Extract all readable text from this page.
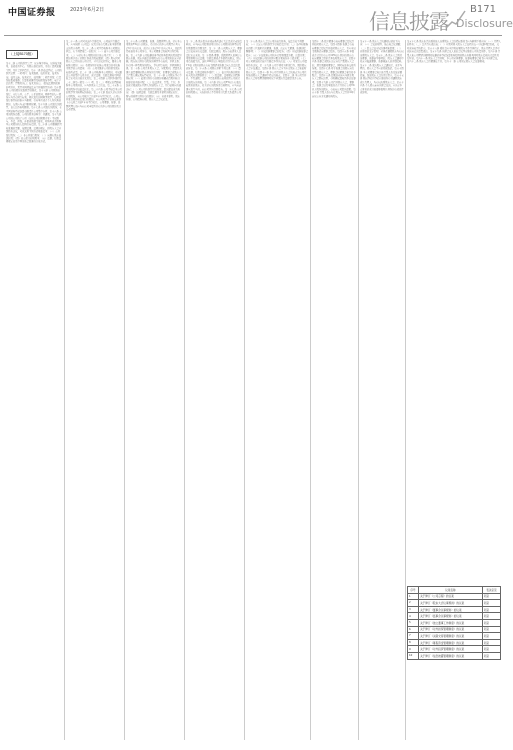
中国证券报	2023年6月2日	信息披露
B171
Disclosure
（上接B170版）
第十二条 公司的经营宗旨：以市场为导向，以科技为先导，以效益为中心，为股东创造价值，为员工提供发展空间，为社会承担责任。第十三条 经依法登记，公司的经营范围：一般项目：技术服务、技术开发、技术咨询、技术交流、技术转让、技术推广；软件开发；信息系统集成服务；计算机软硬件及辅助设备零售；电子产品销售；货物进出口；技术进出口。（除依法须经批准的项目外，凭营业执照依法自主开展经营活动）第十四条 公司的股份采取股票的形式。第十五条 公司股份的发行，实行公开、公平、公正的原则，同种类的每一股份应当具有同等权利。同次发行的同种类股票，每股的发行条件和价格应当相同；任何单位或者个人所认购的股份，每股应当支付相同价额。第十六条 公司发行的股票，以人民币标明面值。第十七条 公司发行的股份，在中国证券登记结算有限责任公司集中存管。第十八条 公司的股份总数，公司的股本结构为：普通股。第十九条 公司或公司的子公司（包括公司的附属企业）不以赠与、垫资、担保、补偿或贷款等形式，对购买或者拟购买公司股份的人提供任何资助。第二十条 公司根据经营和发展的需要，依照法律、法规的规定，经股东大会分别作出决议，可以采用下列方式增加资本：（一）公开发行股份；（二）非公开发行股份；（三）向现有股东派送红股；（四）以公积金转增股本；（五）法律、行政法规规定以及中国证监会批准的其他方式。
第二十一条 公司可以减少注册资本。公司减少注册资本，应当按照《公司法》以及其他有关规定和本章程规定的程序办理。第二十二条 公司不得收购本公司股份。但是，有下列情形之一的除外：（一）减少公司注册资本；（二）与持有本公司股份的其他公司合并；（三）将股份用于员工持股计划或者股权激励；（四）股东因对股东大会作出的公司合并、分立决议持异议，要求公司收购其股份；（五）将股份用于转换公司发行的可转换为股票的公司债券；（六）公司为维护公司价值及股东权益所必需。第二十三条 公司收购本公司股份，可以通过公开的集中交易方式，或者法律、行政法规和中国证监会认可的其他方式进行。第二十四条 公司因本章程第二十二条第一款第（一）项、第（二）项规定的情形收购本公司股份的，应当经股东大会决议。第二十五条 公司的股份可以依法转让。第二十六条 公司不接受本公司的股票作为质押权的标的。第二十七条 发起人持有的本公司股份，自公司成立之日起1年内不得转让。公司公开发行股份前已发行的股份，自公司股票在证券交易所上市交易之日起1年内不得转让。公司董事、监事、高级管理人员应当向公司申报所持有的本公司的股份及其变动情况。
第二十八条 公司董事、监事、高级管理人员、持有本公司股份5%以上的股东，将其持有的本公司股票在买入后6个月内卖出，或者在卖出后6个月内又买入，由此所得收益归本公司所有，本公司董事会将收回其所得收益。第二十九条 公司依据证券登记机构提供的凭证建立股东名册，股东名册是证明股东持有公司股份的充分证据。股东按其所持有股份的种类享有权利，承担义务；持有同一种类股份的股东，享有同等权利，承担同种义务。第三十条 公司召开股东大会、分配股利、清算及从事其他需要确认股东身份的行为时，由董事会或股东大会召集人确定股权登记日。第三十一条 公司股东享有下列权利：（一）依照其所持有的股份份额获得股利和其他形式的利益分配；（二）依法请求、召集、主持、参加或者委派股东代理人参加股东大会，并行使相应的表决权；（三）对公司的经营进行监督，提出建议或者质询；（四）依照法律、行政法规及本章程的规定转让、赠与或质押其所持有的股份；（五）查阅本章程、股东名册、公司债券存根、股东大会会议记录。
第三十二条 股东提出查阅前条所述有关信息或者索取资料的，应当向公司提供证明其持有公司股份的种类以及持股数量的书面文件。第三十三条 公司股东大会、董事会决议内容违反法律、行政法规的，股东有权请求人民法院认定无效。第三十四条 董事、高级管理人员执行公司职务时违反法律、行政法规或者本章程的规定，给公司造成损失的，连续180日以上单独或合并持有公司1%以上股份的股东有权书面请求监事会向人民法院提起诉讼。第三十五条 公司股东承担下列义务：（一）遵守法律、行政法规和本章程；（二）依其所认购的股份和入股方式缴纳股金；（三）除法律、法规规定的情形外，不得退股；（四）不得滥用股东权利损害公司或者其他股东的利益。第三十六条 持有公司5%以上有表决权股份的股东，将其持有的股份进行质押的，应当自该事实发生当日，向公司作出书面报告。第三十七条 公司的控股股东、实际控制人不得利用其关联关系损害公司利益。
第三十八条 股东大会是公司的权力机构，依法行使下列职权：（一）决定公司的经营方针和投资计划；（二）选举和更换非由职工代表担任的董事、监事，决定有关董事、监事的报酬事项；（三）审议批准董事会的报告；（四）审议批准监事会报告；（五）审议批准公司的年度财务预算方案、决算方案；（六）审议批准公司的利润分配方案和弥补亏损方案；（七）对公司增加或者减少注册资本作出决议；（八）对发行公司债券作出决议。第三十九条 公司下列对外担保行为，须经股东大会审议通过。第四十条 股东大会分为年度股东大会和临时股东大会。第四十一条 本公司召开股东大会的地点为公司住所地或股东大会通知中指定的地点。第四十二条 本公司召开股东大会时将聘请律师对以下问题出具法律意见并公告。
第四十三条 独立董事有权向董事会提议召开临时股东大会。第四十四条 监事会有权向董事会提议召开临时股东大会，并应当以书面形式向董事会提出。第四十五条 单独或者合计持有公司10%以上股份的股东有权向董事会请求召开临时股东大会。第四十六条 监事会或股东决定自行召集股东大会的，须书面通知董事会，同时向证券交易所备案。第四十七条 对于监事会或股东自行召集的股东大会，董事会和董事会秘书将予配合。第四十八条 提案的内容应当属于股东大会职权范围，有明确议题和具体决议事项。第四十九条 公司召开股东大会，董事会、监事会以及单独或者合并持有公司3%以上股份的股东，有权向公司提出提案。第五十条 召集人将在年度股东大会召开20日前以公告方式通知各股东。
第五十一条 股东大会的通知包括以下内容：（一）会议的时间、地点和会议期限；（二）提交会议审议的事项和提案；（三）以明显的文字说明：全体普通股股东均有权出席股东大会。第五十二条 股东大会拟讨论董事、监事选举事项的，股东大会通知中将充分披露董事、监事候选人的详细资料。第五十三条 发出股东大会通知后，无正当理由，股东大会不应延期或取消。第五十四条 本公司董事会和其他召集人将采取必要措施，保证股东大会的正常秩序。第五十五条 股权登记日登记在册的所有普通股股东或其代理人，均有权出席股东大会。第五十六条 个人股东亲自出席会议的，应出示本人身份证或其他能够表明其身份的有效证件或证明。
第五十七条 股东出具的委托他人出席股东大会的授权委托书应当载明下列内容：（一）代理人的姓名；（二）是否具有表决权；（三）分别对列入股东大会议程的每一审议事项投赞成、反对或弃权票的指示。第五十八条 委托书应当注明如果股东不作具体指示，股东代理人是否可以按自己的意思表决。第五十九条 出席会议人员的会议登记册由公司负责制作。第六十条 召集人和公司聘请的律师将依据证券登记结算机构提供的股东名册共同对股东资格的合法性进行验证。第六十一条 股东大会召开时，本公司全体董事、监事和董事会秘书应当出席会议。第六十二条 股东大会由董事长主持。第六十三条 公司制定股东大会议事规则。
序号	议案名称	表决意见
1	关于修订《公司章程》的议案	同意
2	关于修订《股东大会议事规则》的议案	同意
3	关于修订《董事会议事规则》的议案	同意
4	关于修订《监事会议事规则》的议案	同意
5	关于修订《独立董事工作制度》的议案	同意
6	关于修订《对外担保管理制度》的议案	同意
7	关于修订《关联交易管理制度》的议案	同意
8	关于修订《募集资金管理制度》的议案	同意
9	关于修订《对外投资管理制度》的议案	同意
10	关于修订《信息披露管理制度》的议案	同意
